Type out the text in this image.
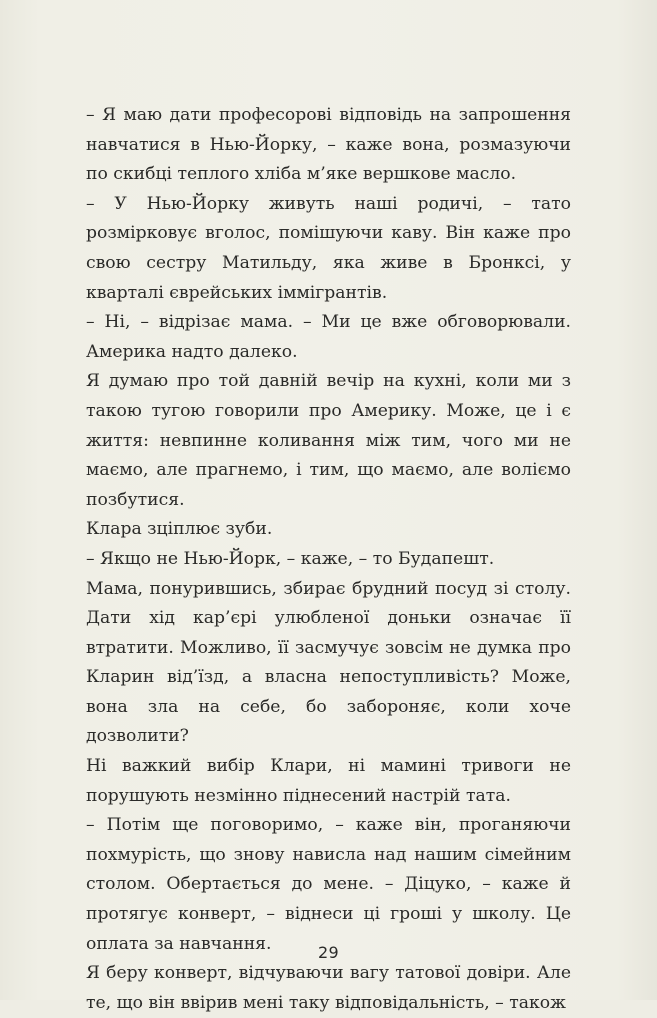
– Я маю дати професорові відповідь на запрошення навчатися в Нью-Йорку, – каже вона, розмазуючи по скибці теплого хліба м’яке вершкове масло.

– У Нью-Йорку живуть наші родичі, – тато розмірковує вголос, помішуючи каву. Він каже про свою сестру Матильду, яка живе в Бронксі, у кварталі єврейських іммігрантів.

– Ні, – відрізає мама. – Ми це вже обговорювали. Америка надто далеко.

Я думаю про той давній вечір на кухні, коли ми з такою тугою говорили про Америку. Може, це і є життя: невпинне коливання між тим, чого ми не маємо, але прагнемо, і тим, що маємо, але воліємо позбутися.

Клара зціплює зуби.

– Якщо не Нью-Йорк, – каже, – то Будапешт.

Мама, понурившись, збирає брудний посуд зі столу. Дати хід кар’єрі улюбленої доньки означає її втратити. Можливо, її засмучує зовсім не думка про Кларин від’їзд, а власна непоступливість? Може, вона зла на себе, бо забороняє, коли хоче дозволити?

Ні важкий вибір Клари, ні мамині тривоги не порушують незмінно піднесений настрій тата.

– Потім ще поговоримо, – каже він, проганяючи похмурість, що знову нависла над нашим сімейним столом. Обертається до мене. – Діцуко, – каже й протягує конверт, – віднеси ці гроші у школу. Це оплата за навчання.

Я беру конверт, відчуваючи вагу татової довіри. Але те, що він ввірив мені таку відповідальність, – також

29
